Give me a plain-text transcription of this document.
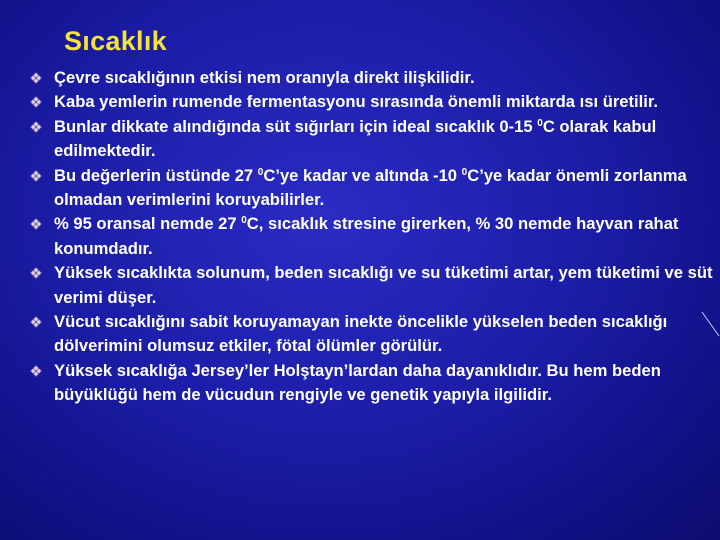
Sıcaklık
Çevre sıcaklığının etkisi nem oranıyla direkt ilişkilidir.
Kaba yemlerin rumende fermentasyonu sırasında önemli miktarda ısı üretilir.
Bunlar dikkate alındığında süt sığırları için ideal sıcaklık 0-15 $^0$C olarak kabul edilmektedir.
Bu değerlerin üstünde 27 $^0$C’ye kadar ve altında -10 $^0$C’ye kadar önemli zorlanma olmadan verimlerini koruyabilirler.
% 95 oransal nemde 27 $^0$C, sıcaklık stresine girerken, % 30 nemde hayvan rahat konumdadır.
Yüksek sıcaklıkta solunum, beden sıcaklığı ve su tüketimi artar, yem tüketimi ve süt verimi düşer.
Vücut sıcaklığını sabit koruyamayan inekte öncelikle yükselen beden sıcaklığı dölverimini olumsuz etkiler, fötal ölümler görülür.
Yüksek sıcaklığa Jersey’ler Holştayn’lardan daha dayanıklıdır. Bu hem beden büyüklüğü hem de vücudun rengiyle ve genetik yapıyla ilgilidir.
